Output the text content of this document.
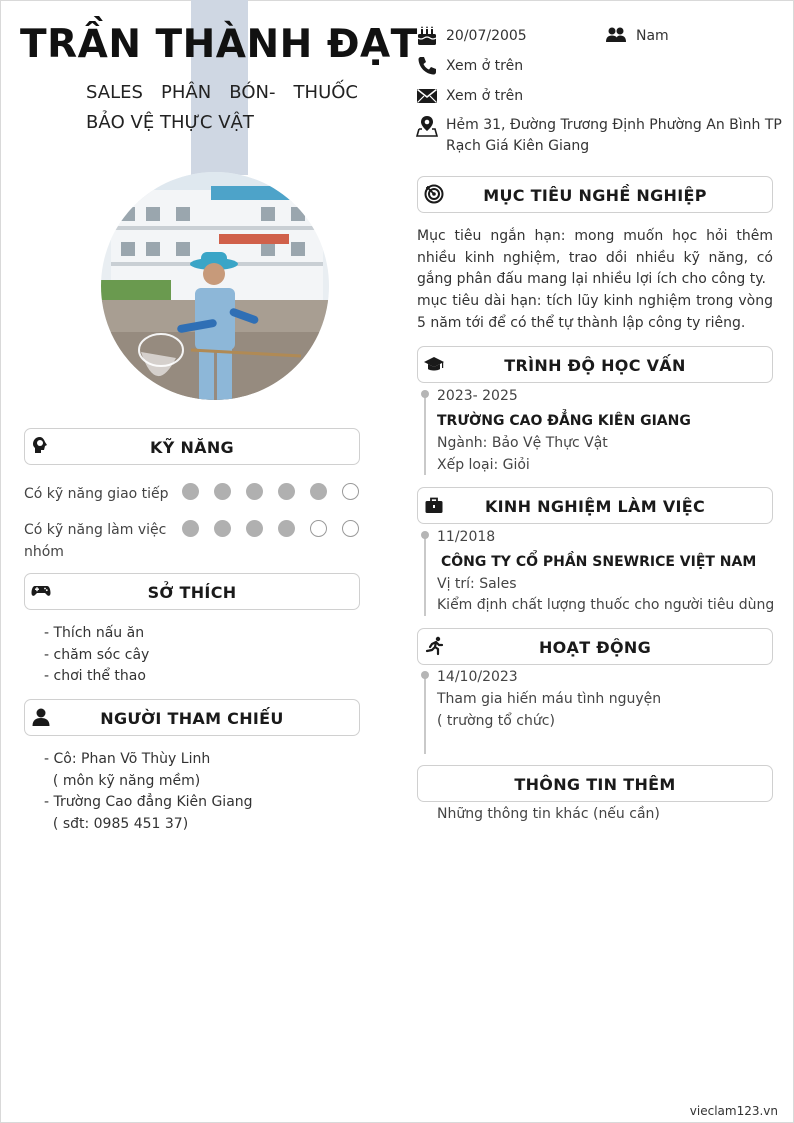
TRẦN THÀNH ĐẠT
SALES PHÂN BÓN- THUỐC BẢO VỆ THỰC VẬT
KỸ NĂNG
Có kỹ năng giao tiếp
Có kỹ năng làm việc nhóm
SỞ THÍCH
- Thích nấu ăn
- chăm sóc cây
- chơi thể thao
NGƯỜI THAM CHIẾU
- Cô: Phan Võ Thùy Linh
( môn kỹ năng mềm)
- Trường Cao đẳng Kiên Giang
( sđt: 0985 451 37)
20/07/2005	Nam
Xem ở trên
Xem ở trên
Hẻm 31, Đường Trương Định Phường An Bình TP
Rạch Giá Kiên Giang
MỤC TIÊU NGHỀ NGHIỆP

Mục tiêu ngắn hạn: mong muốn học hỏi thêm nhiều kinh nghiệm, trao dồi nhiều kỹ năng, có gắng phân đấu mang lại nhiều lợi ích cho công ty.

mục tiêu dài hạn: tích lũy kinh nghiệm trong vòng 5 năm tới để có thể tự thành lập công ty riêng.

TRÌNH ĐỘ HỌC VẤN
2023- 2025
TRƯỜNG CAO ĐẲNG KIÊN GIANG
Ngành: Bảo Vệ Thực Vật
Xếp loại: Giỏi
KINH NGHIỆM LÀM VIỆC
11/2018
CÔNG TY CỔ PHẦN SNEWRICE VIỆT NAM
Vị trí: Sales
Kiểm định chất lượng thuốc cho người tiêu dùng
HOẠT ĐỘNG
14/10/2023
Tham gia hiến máu tình nguyện
( trường tổ chức)
THÔNG TIN THÊM
Những thông tin khác (nếu cần)
vieclam123.vn
